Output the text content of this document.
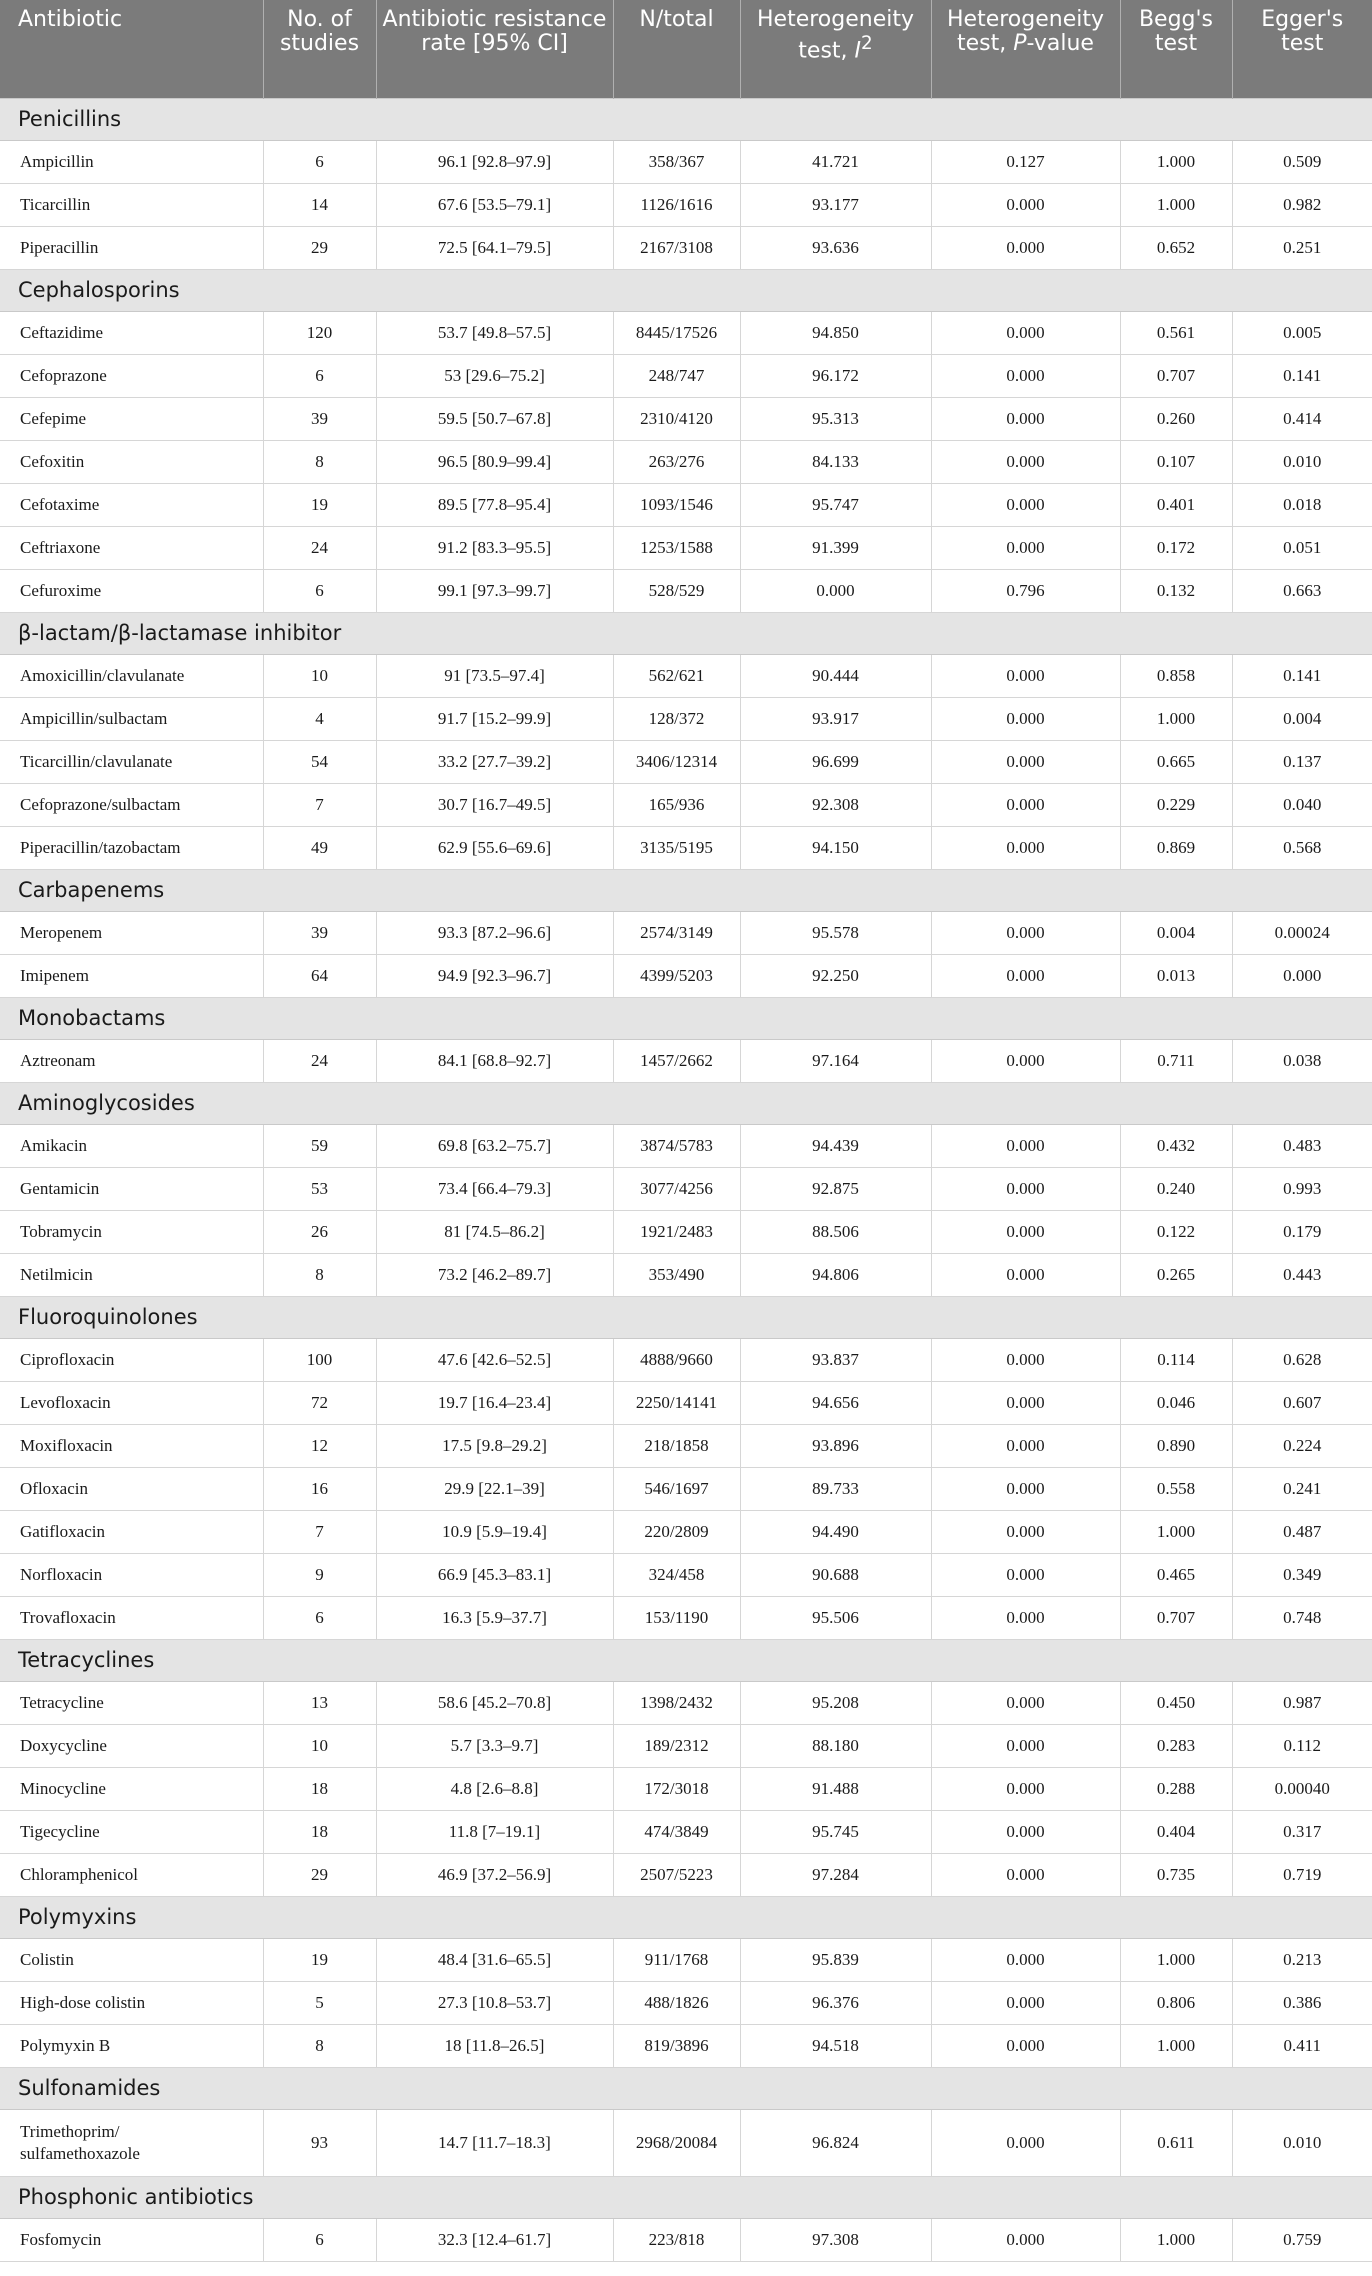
Antibiotic	No. of studies	Antibiotic resistance rate [95% CI]	N/total	Heterogeneity test, $I^2$	Heterogeneity test, P-value	Begg's test	Egger's test
Penicillins							
Ampicillin	6	96.1 [92.8–97.9]	358/367	41.721	0.127	1.000	0.509
Ticarcillin	14	67.6 [53.5–79.1]	1126/1616	93.177	0.000	1.000	0.982
Piperacillin	29	72.5 [64.1–79.5]	2167/3108	93.636	0.000	0.652	0.251
Cephalosporins							
Ceftazidime	120	53.7 [49.8–57.5]	8445/17526	94.850	0.000	0.561	0.005
Cefoprazone	6	53 [29.6–75.2]	248/747	96.172	0.000	0.707	0.141
Cefepime	39	59.5 [50.7–67.8]	2310/4120	95.313	0.000	0.260	0.414
Cefoxitin	8	96.5 [80.9–99.4]	263/276	84.133	0.000	0.107	0.010
Cefotaxime	19	89.5 [77.8–95.4]	1093/1546	95.747	0.000	0.401	0.018
Ceftriaxone	24	91.2 [83.3–95.5]	1253/1588	91.399	0.000	0.172	0.051
Cefuroxime	6	99.1 [97.3–99.7]	528/529	0.000	0.796	0.132	0.663
β-lactam/β-lactamase inhibitor							
Amoxicillin/clavulanate	10	91 [73.5–97.4]	562/621	90.444	0.000	0.858	0.141
Ampicillin/sulbactam	4	91.7 [15.2–99.9]	128/372	93.917	0.000	1.000	0.004
Ticarcillin/clavulanate	54	33.2 [27.7–39.2]	3406/12314	96.699	0.000	0.665	0.137
Cefoprazone/sulbactam	7	30.7 [16.7–49.5]	165/936	92.308	0.000	0.229	0.040
Piperacillin/tazobactam	49	62.9 [55.6–69.6]	3135/5195	94.150	0.000	0.869	0.568
Carbapenems							
Meropenem	39	93.3 [87.2–96.6]	2574/3149	95.578	0.000	0.004	0.00024
Imipenem	64	94.9 [92.3–96.7]	4399/5203	92.250	0.000	0.013	0.000
Monobactams							
Aztreonam	24	84.1 [68.8–92.7]	1457/2662	97.164	0.000	0.711	0.038
Aminoglycosides							
Amikacin	59	69.8 [63.2–75.7]	3874/5783	94.439	0.000	0.432	0.483
Gentamicin	53	73.4 [66.4–79.3]	3077/4256	92.875	0.000	0.240	0.993
Tobramycin	26	81 [74.5–86.2]	1921/2483	88.506	0.000	0.122	0.179
Netilmicin	8	73.2 [46.2–89.7]	353/490	94.806	0.000	0.265	0.443
Fluoroquinolones							
Ciprofloxacin	100	47.6 [42.6–52.5]	4888/9660	93.837	0.000	0.114	0.628
Levofloxacin	72	19.7 [16.4–23.4]	2250/14141	94.656	0.000	0.046	0.607
Moxifloxacin	12	17.5 [9.8–29.2]	218/1858	93.896	0.000	0.890	0.224
Ofloxacin	16	29.9 [22.1–39]	546/1697	89.733	0.000	0.558	0.241
Gatifloxacin	7	10.9 [5.9–19.4]	220/2809	94.490	0.000	1.000	0.487
Norfloxacin	9	66.9 [45.3–83.1]	324/458	90.688	0.000	0.465	0.349
Trovafloxacin	6	16.3 [5.9–37.7]	153/1190	95.506	0.000	0.707	0.748
Tetracyclines							
Tetracycline	13	58.6 [45.2–70.8]	1398/2432	95.208	0.000	0.450	0.987
Doxycycline	10	5.7 [3.3–9.7]	189/2312	88.180	0.000	0.283	0.112
Minocycline	18	4.8 [2.6–8.8]	172/3018	91.488	0.000	0.288	0.00040
Tigecycline	18	11.8 [7–19.1]	474/3849	95.745	0.000	0.404	0.317
Chloramphenicol	29	46.9 [37.2–56.9]	2507/5223	97.284	0.000	0.735	0.719
Polymyxins							
Colistin	19	48.4 [31.6–65.5]	911/1768	95.839	0.000	1.000	0.213
High-dose colistin	5	27.3 [10.8–53.7]	488/1826	96.376	0.000	0.806	0.386
Polymyxin B	8	18 [11.8–26.5]	819/3896	94.518	0.000	1.000	0.411
Sulfonamides							
Trimethoprim/
sulfamethoxazole	93	14.7 [11.7–18.3]	2968/20084	96.824	0.000	0.611	0.010
Phosphonic antibiotics							
Fosfomycin	6	32.3 [12.4–61.7]	223/818	97.308	0.000	1.000	0.759
